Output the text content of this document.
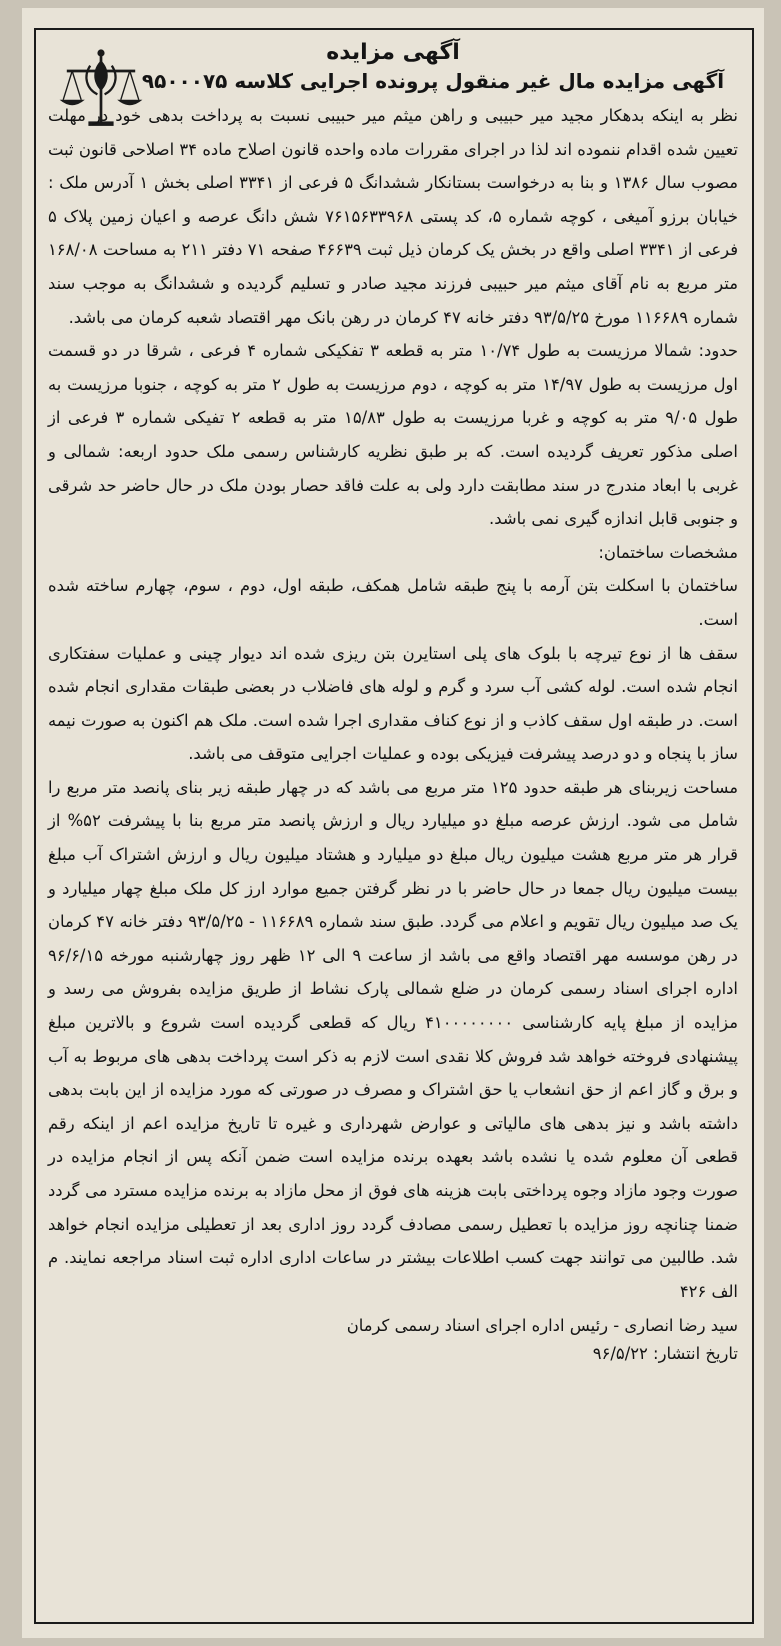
آگهی مزایده
آگهی مزایده مال غیر منقول پرونده اجرایی کلاسه ۹۵۰۰۰۷۵

نظر به اینکه بدهکار مجید میر حبیبی و راهن میثم میر حبیبی نسبت به پرداخت بدهی خود در مهلت تعیین شده اقدام ننموده اند لذا در اجرای مقررات ماده واحده قانون اصلاح ماده ۳۴ اصلاحی قانون ثبت مصوب سال ۱۳۸۶ و بنا به درخواست بستانکار ششدانگ ۵ فرعی از ۳۳۴۱ اصلی بخش ۱ آدرس ملک : خیابان برزو آمیغی ، کوچه شماره ۵، کد پستی ۷۶۱۵۶۳۳۹۶۸ شش دانگ عرصه و اعیان زمین پلاک ۵ فرعی از ۳۳۴۱ اصلی واقع در بخش یک کرمان ذیل ثبت ۴۶۶۳۹ صفحه ۷۱ دفتر ۲۱۱ به مساحت ۱۶۸/۰۸ متر مربع به نام آقای میثم میر حبیبی فرزند مجید صادر و تسلیم گردیده و ششدانگ به موجب سند شماره ۱۱۶۶۸۹ مورخ ۹۳/۵/۲۵ دفتر خانه ۴۷ کرمان در رهن بانک مهر اقتصاد شعبه کرمان می باشد.

حدود: شمالا مرزیست به طول ۱۰/۷۴ متر به قطعه ۳ تفکیکی شماره ۴ فرعی ، شرقا در دو قسمت اول مرزیست به طول ۱۴/۹۷ متر به کوچه ، دوم مرزیست به طول ۲ متر به کوچه ، جنوبا مرزیست به طول ۹/۰۵ متر به کوچه و غربا مرزیست به طول ۱۵/۸۳ متر به قطعه ۲ تفیکی شماره ۳ فرعی از اصلی مذکور تعریف گردیده است. که بر طبق نظریه کارشناس رسمی ملک حدود اربعه: شمالی و غربی با ابعاد مندرج در سند مطابقت دارد ولی به علت فاقد حصار بودن ملک در حال حاضر حد شرقی و جنوبی قابل اندازه گیری نمی باشد.

مشخصات ساختمان:

ساختمان با اسکلت بتن آرمه با پنج طبقه شامل همکف، طبقه اول، دوم ، سوم، چهارم ساخته شده است.

سقف ها از نوع تیرچه با بلوک های پلی استایرن بتن ریزی شده اند دیوار چینی و عملیات سفتکاری انجام شده است. لوله کشی آب سرد و گرم و لوله های فاضلاب در بعضی طبقات مقداری انجام شده است. در طبقه اول سقف کاذب و از نوع کناف مقداری اجرا شده است. ملک هم اکنون به صورت نیمه ساز با پنجاه و دو درصد پیشرفت فیزیکی بوده و عملیات اجرایی متوقف می باشد.

مساحت زیربنای هر طبقه حدود ۱۲۵ متر مربع می باشد که در چهار طبقه زیر بنای پانصد متر مربع را شامل می شود. ارزش عرصه مبلغ دو میلیارد ریال و ارزش پانصد متر مربع بنا با پیشرفت ۵۲% از قرار هر متر مربع هشت میلیون ریال مبلغ دو میلیارد و هشتاد میلیون ریال و ارزش اشتراک آب مبلغ بیست میلیون ریال جمعا در حال حاضر با در نظر گرفتن جمیع موارد ارز کل ملک مبلغ چهار میلیارد و یک صد میلیون ریال تقویم و اعلام می گردد. طبق سند شماره ۱۱۶۶۸۹ - ۹۳/۵/۲۵ دفتر خانه ۴۷ کرمان در رهن موسسه مهر اقتصاد واقع می باشد از ساعت ۹ الی ۱۲ ظهر روز چهارشنبه مورخه ۹۶/۶/۱۵ اداره اجرای اسناد رسمی کرمان در ضلع شمالی پارک نشاط از طریق مزایده بفروش می رسد و مزایده از مبلغ پایه کارشناسی ۴۱۰۰۰۰۰۰۰۰ ریال که قطعی گردیده است شروع و بالاترین مبلغ پیشنهادی فروخته خواهد شد فروش کلا نقدی است لازم به ذکر است پرداخت بدهی های مربوط به آب و برق و گاز اعم از حق انشعاب یا حق اشتراک و مصرف در صورتی که مورد مزایده از این بابت بدهی داشته باشد و نیز بدهی های مالیاتی و عوارض شهرداری و غیره تا تاریخ مزایده اعم از اینکه رقم قطعی آن معلوم شده یا نشده باشد بعهده برنده مزایده است ضمن آنکه پس از انجام مزایده در صورت وجود مازاد وجوه پرداختی بابت هزینه های فوق از محل مازاد به برنده مزایده مسترد می گردد ضمنا چنانچه روز مزایده با تعطیل رسمی مصادف گردد روز اداری بعد از تعطیلی مزایده انجام خواهد شد. طالبین می توانند جهت کسب اطلاعات بیشتر در ساعات اداری اداره ثبت اسناد مراجعه نمایند. م الف ۴۲۶

سید رضا انصاری - رئیس اداره اجرای اسناد رسمی کرمان

تاریخ انتشار: ۹۶/۵/۲۲
